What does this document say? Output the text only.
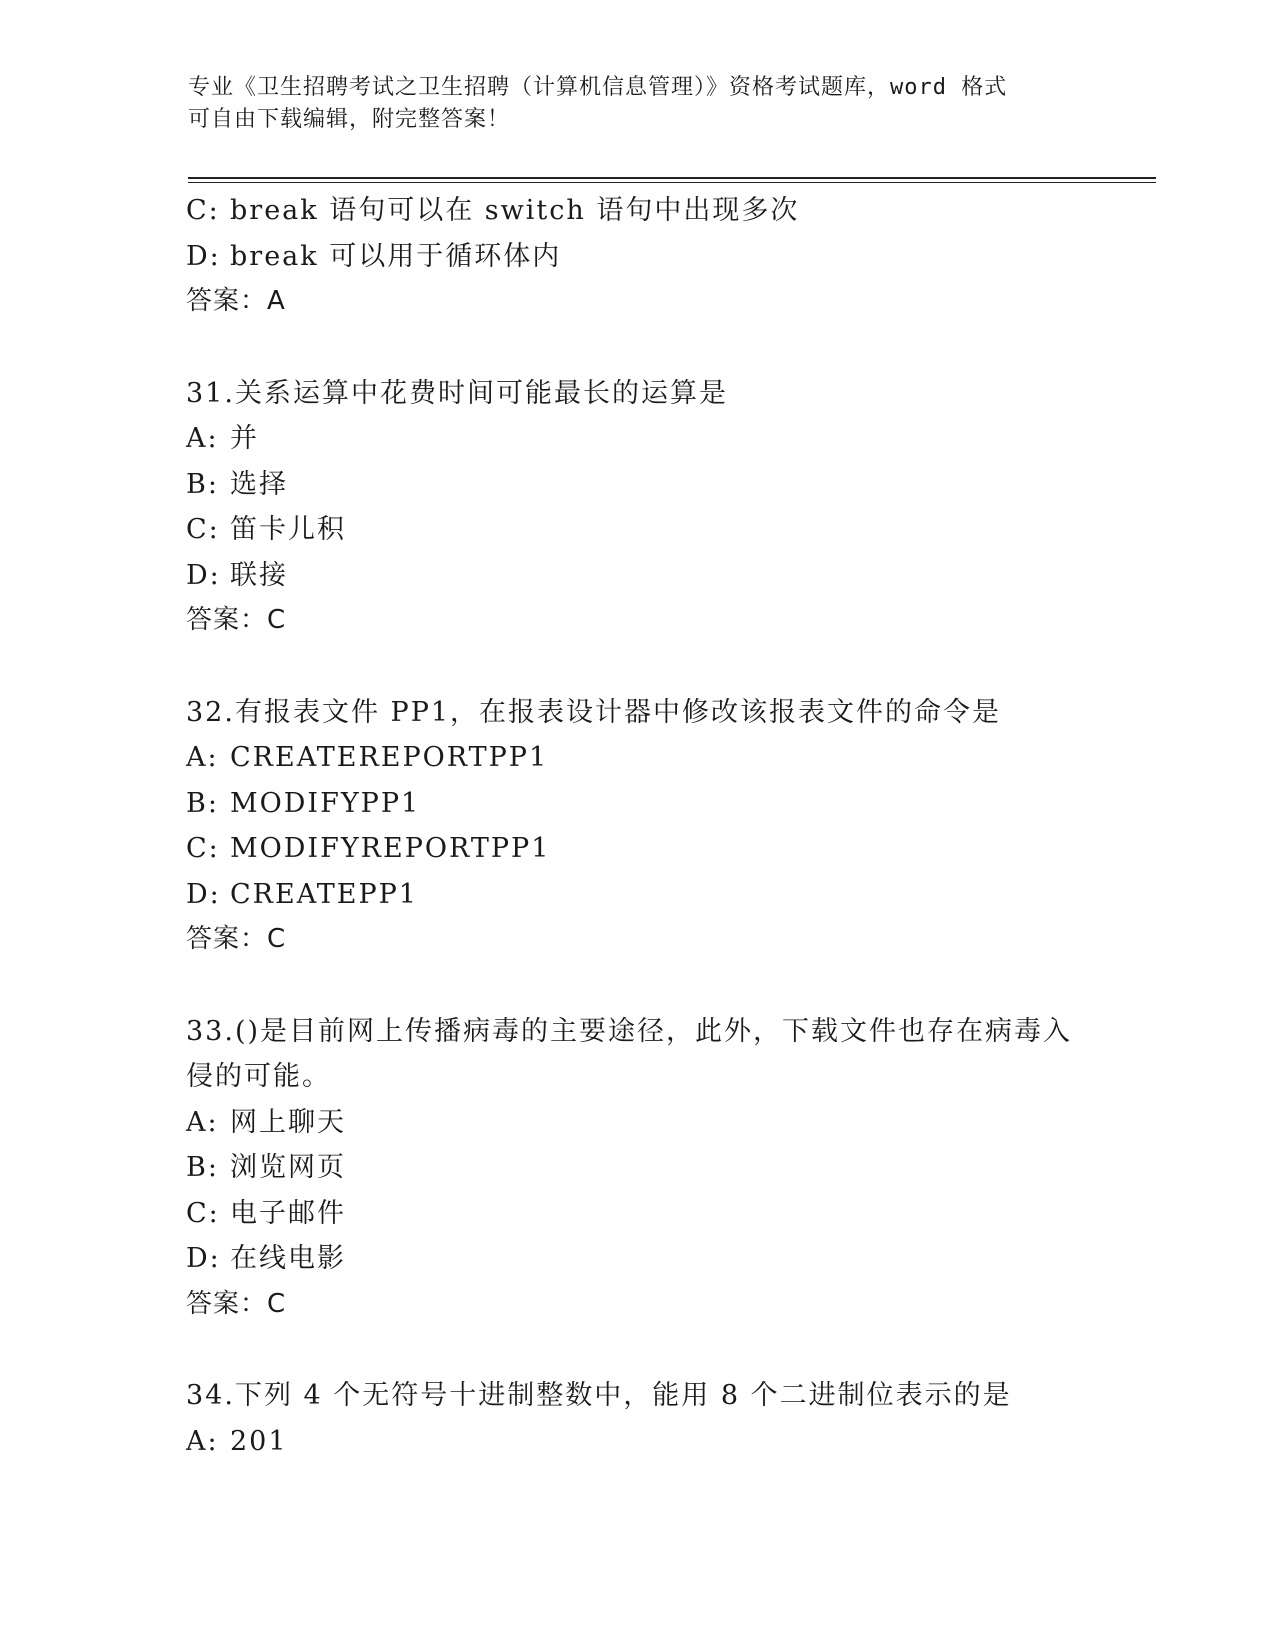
专业《卫生招聘考试之卫生招聘（计算机信息管理）》资格考试题库，word 格式
可自由下载编辑，附完整答案！
C: break 语句可以在 switch 语句中出现多次
D: break 可以用于循环体内
答案：A
31.关系运算中花费时间可能最长的运算是
A: 并
B: 选择
C: 笛卡儿积
D: 联接
答案：C
32.有报表文件 PP1，在报表设计器中修改该报表文件的命令是
A: CREATEREPORTPP1
B: MODIFYPP1
C: MODIFYREPORTPP1
D: CREATEPP1
答案：C
33.()是目前网上传播病毒的主要途径，此外，下载文件也存在病毒入
侵的可能。
A: 网上聊天
B: 浏览网页
C: 电子邮件
D: 在线电影
答案：C
34.下列 4 个无符号十进制整数中，能用 8 个二进制位表示的是
A: 201
